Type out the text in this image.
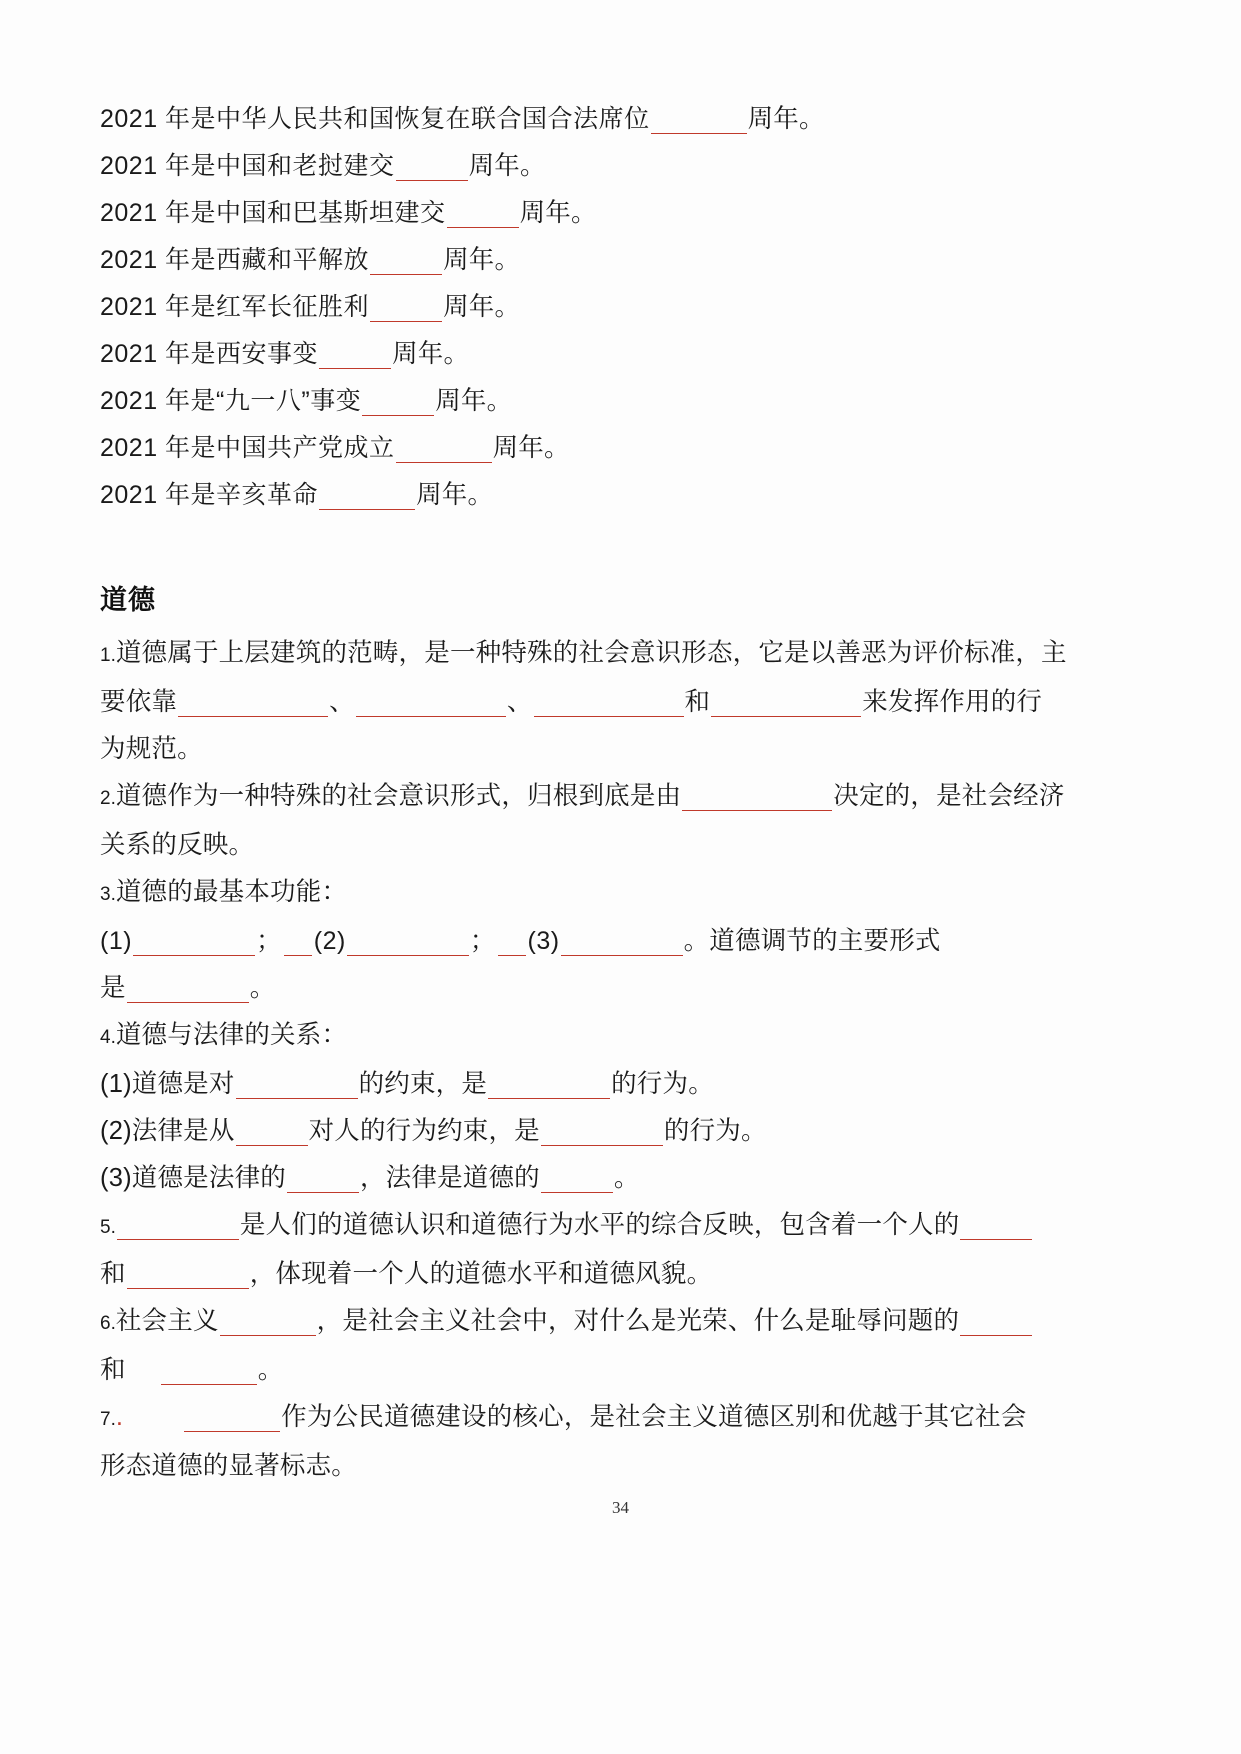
2021 年是中华人民共和国恢复在联合国合法席位	周年。
2021 年是中国和老挝建交	周年。
2021 年是中国和巴基斯坦建交	周年。
2021 年是西藏和平解放	周年。
2021 年是红军长征胜利	周年。
2021 年是西安事变	周年。
2021 年是“九一八”事变	周年。
2021 年是中国共产党成立	周年。
2021 年是辛亥革命	周年。
道德
1.道德属于上层建筑的范畴，是一种特殊的社会意识形态，它是以善恶为评价标准，主
要依靠	、	、	和	来发挥作用的行
为规范。
2.道德作为一种特殊的社会意识形式，归根到底是由	决定的，是社会经济
关系的反映。
3.道德的最基本功能：
(1)	； (2)	； (3)	。道德调节的主要形式
是	。
4.道德与法律的关系：
(1)道德是对	的约束，是	的行为。
(2)法律是从	对人的行为约束，是	的行为。
(3)道德是法律的	，法律是道德的	。
5.	是人们的道德认识和道德行为水平的综合反映，包含着一个人的
和	，体现着一个人的道德水平和道德风貌。
6.社会主义	，是社会主义社会中，对什么是光荣、什么是耻辱问题的
和	。
7..	作为公民道德建设的核心，是社会主义道德区别和优越于其它社会
形态道德的显著标志。
34
